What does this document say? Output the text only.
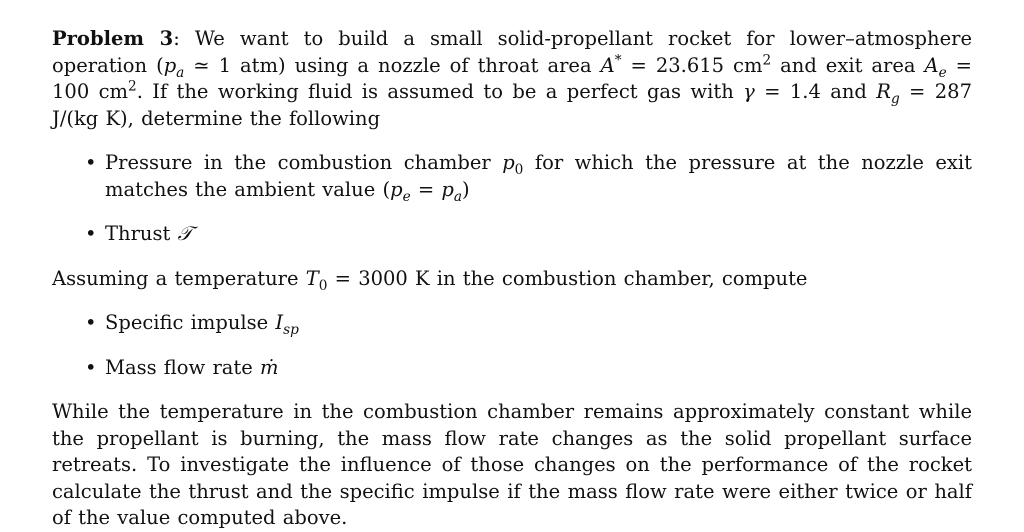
Problem 3: We want to build a small solid-propellant rocket for lower–atmosphere operation ($p_a$ ≃ 1 atm) using a nozzle of throat area A* = 23.615 $cm^2$ and exit area $A_e = 100$ $cm^2$. If the working fluid is assumed to be a perfect gas with γ = 1.4 and $R_g = 287$ J/(kg K), determine the following

• Pressure in the combustion chamber $p_0$ for which the pressure at the nozzle exit matches the ambient value $(p_e = p_a)$
• Thrust 𝒯

Assuming a temperature $T_0 = 3000$ K in the combustion chamber, compute

• Specific impulse $I_{sp}$
• Mass flow rate ṁ

While the temperature in the combustion chamber remains approximately constant while the propellant is burning, the mass flow rate changes as the solid propellant surface retreats. To investigate the influence of those changes on the performance of the rocket calculate the thrust and the specific impulse if the mass flow rate were either twice or half of the value computed above.
